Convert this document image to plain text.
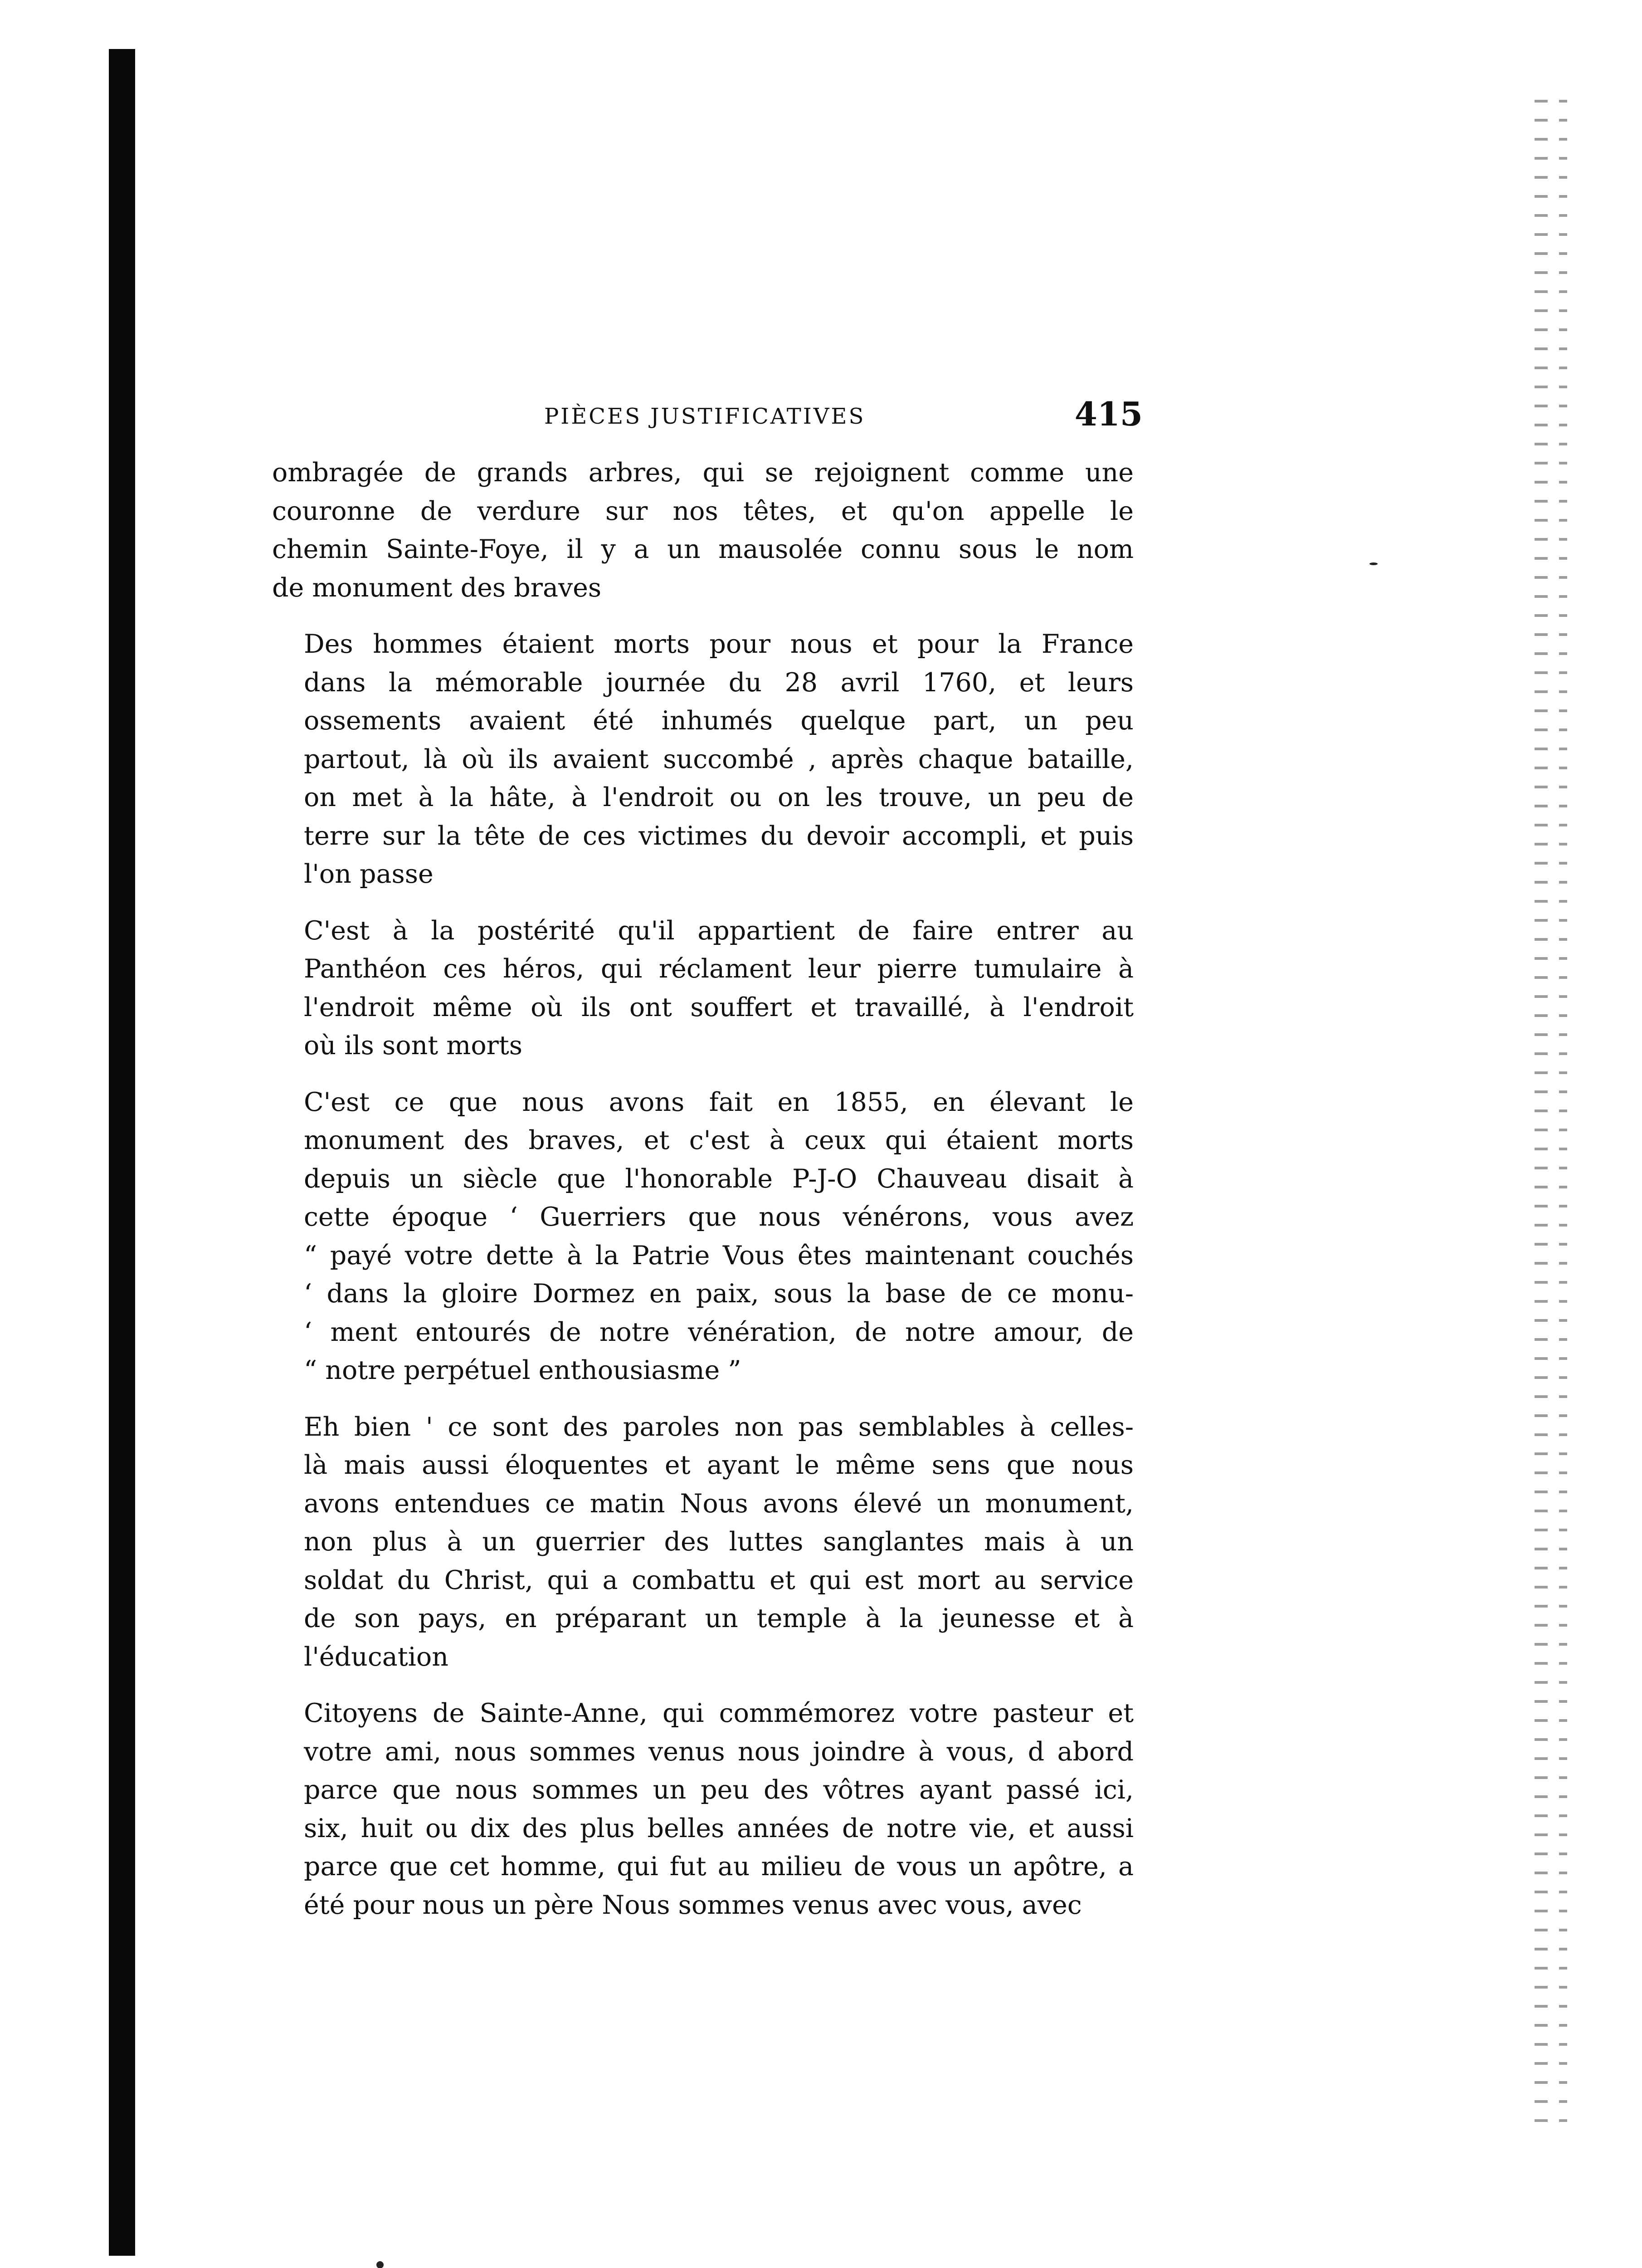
PIÈCES JUSTIFICATIVES	415

ombragée de grands arbres, qui se rejoignent comme une
couronne de verdure sur nos têtes, et qu'on appelle le
chemin Sainte-Foye, il y a un mausolée connu sous le nom
de monument des braves

Des hommes étaient morts pour nous et pour la France
dans la mémorable journée du 28 avril 1760, et leurs
ossements avaient été inhumés quelque part, un peu
partout, là où ils avaient succombé , après chaque bataille,
on met à la hâte, à l'endroit ou on les trouve, un peu de
terre sur la tête de ces victimes du devoir accompli, et puis
l'on passe

C'est à la postérité qu'il appartient de faire entrer au
Panthéon ces héros, qui réclament leur pierre tumulaire à
l'endroit même où ils ont souffert et travaillé, à l'endroit
où ils sont morts

C'est ce que nous avons fait en 1855, en élevant le
monument des braves, et c'est à ceux qui étaient morts
depuis un siècle que l'honorable P-J-O Chauveau disait à
cette époque ‘ Guerriers que nous vénérons, vous avez
“ payé votre dette à la Patrie Vous êtes maintenant couchés
‘ dans la gloire Dormez en paix, sous la base de ce monu-
‘ ment entourés de notre vénération, de notre amour, de
“ notre perpétuel enthousiasme ”

Eh bien ' ce sont des paroles non pas semblables à celles-
là mais aussi éloquentes et ayant le même sens que nous
avons entendues ce matin Nous avons élevé un monument,
non plus à un guerrier des luttes sanglantes mais à un
soldat du Christ, qui a combattu et qui est mort au service
de son pays, en préparant un temple à la jeunesse et à
l'éducation

Citoyens de Sainte-Anne, qui commémorez votre pasteur et
votre ami, nous sommes venus nous joindre à vous, d abord
parce que nous sommes un peu des vôtres ayant passé ici,
six, huit ou dix des plus belles années de notre vie, et aussi
parce que cet homme, qui fut au milieu de vous un apôtre, a
été pour nous un père Nous sommes venus avec vous, avec
